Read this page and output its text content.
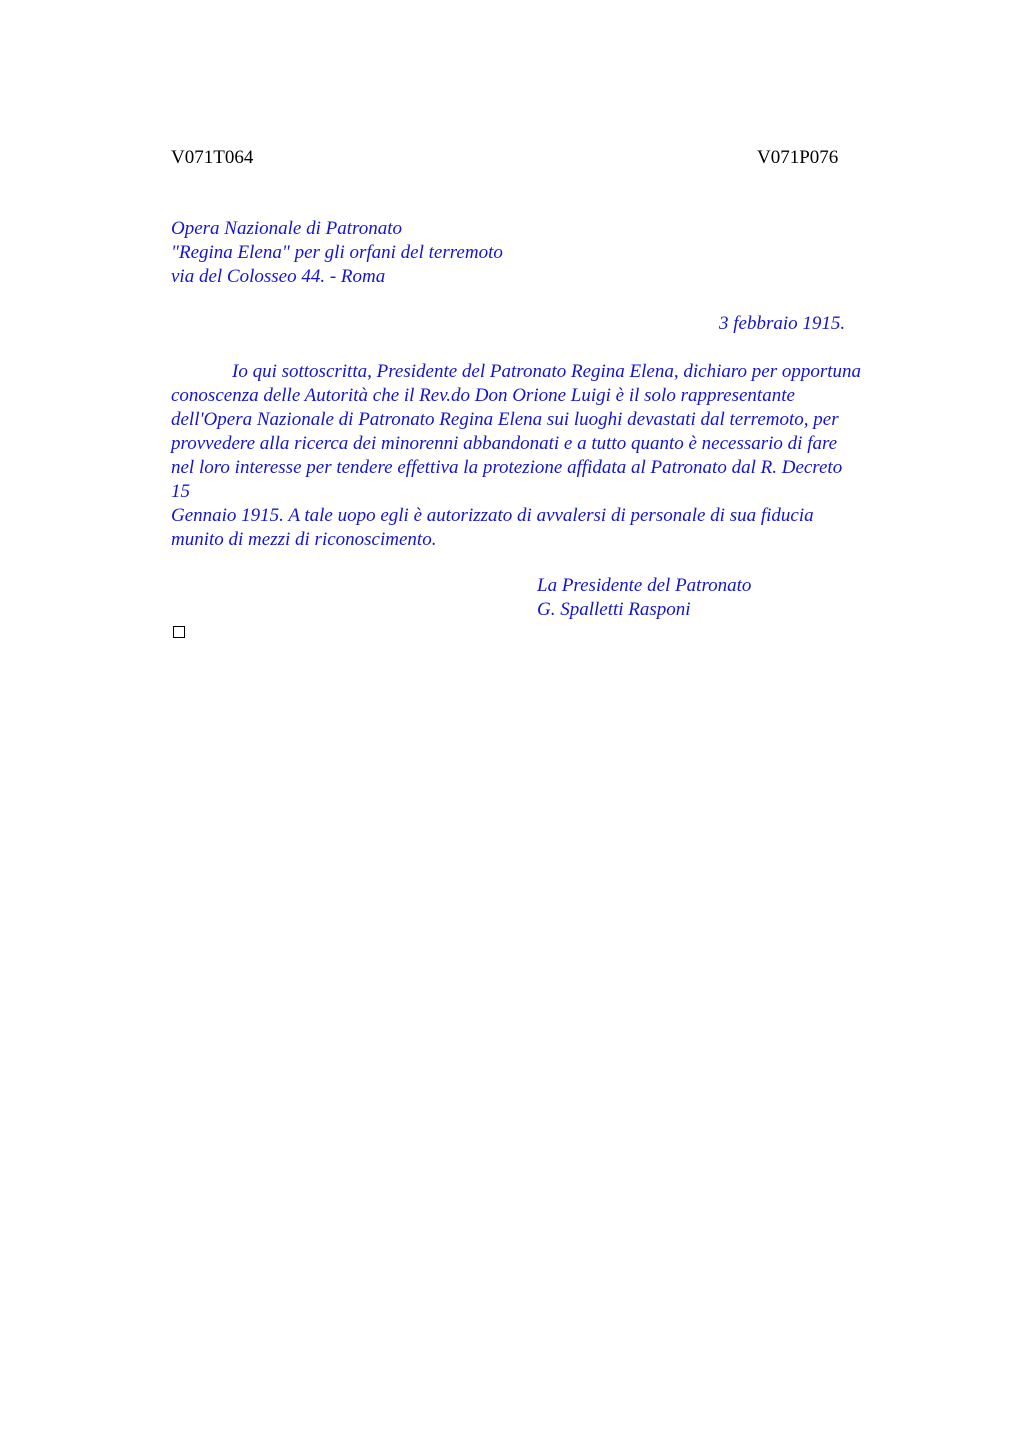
V071T064	V071P076
Opera Nazionale di Patronato
"Regina Elena" per gli orfani del terremoto
via del Colosseo 44. - Roma
3 febbraio 1915.
Io qui sottoscritta, Presidente del Patronato Regina Elena, dichiaro per opportuna
conoscenza delle Autorità che il Rev.do Don Orione Luigi è il solo rappresentante
dell'Opera Nazionale di Patronato Regina Elena sui luoghi devastati dal terremoto, per
provvedere alla ricerca dei minorenni abbandonati e a tutto quanto è necessario di fare
nel loro interesse per tendere effettiva la protezione affidata al Patronato dal R. Decreto
15
Gennaio 1915. A tale uopo egli è autorizzato di avvalersi di personale di sua fiducia
munito di mezzi di riconoscimento.
La Presidente del Patronato
G. Spalletti Rasponi
